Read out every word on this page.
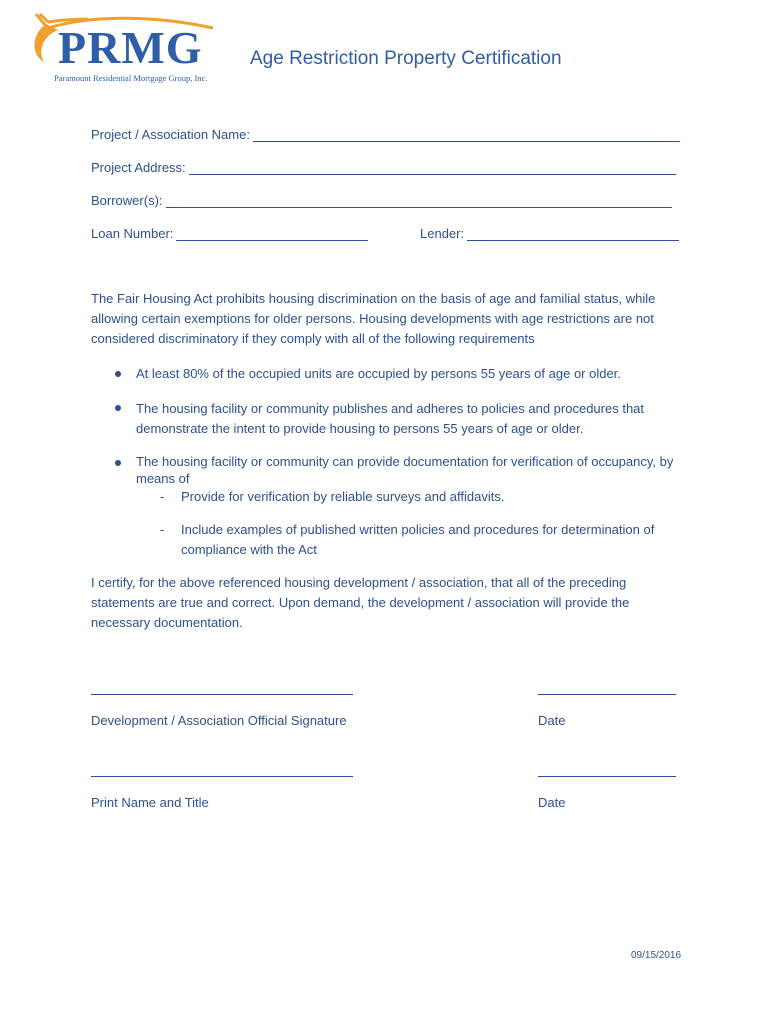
PRMG
Paramount Residential Mortgage Group, Inc.
Age Restriction Property Certification
Project / Association Name:
Project Address:
Borrower(s):
Loan Number:	Lender:
The Fair Housing Act prohibits housing discrimination on the basis of age and familial status, while allowing certain exemptions for older persons. Housing developments with age restrictions are not considered discriminatory if they comply with all of the following requirements
At least 80% of the occupied units are occupied by persons 55 years of age or older.
The housing facility or community publishes and adheres to policies and procedures that demonstrate the intent to provide housing to persons 55 years of age or older.
The housing facility or community can provide documentation for verification of occupancy, by means of
- Provide for verification by reliable surveys and affidavits.
- Include examples of published written policies and procedures for determination of compliance with the Act
I certify, for the above referenced housing development / association, that all of the preceding statements are true and correct. Upon demand, the development / association will provide the necessary documentation.
Development / Association Official Signature	Date
Print Name and Title	Date
09/15/2016
